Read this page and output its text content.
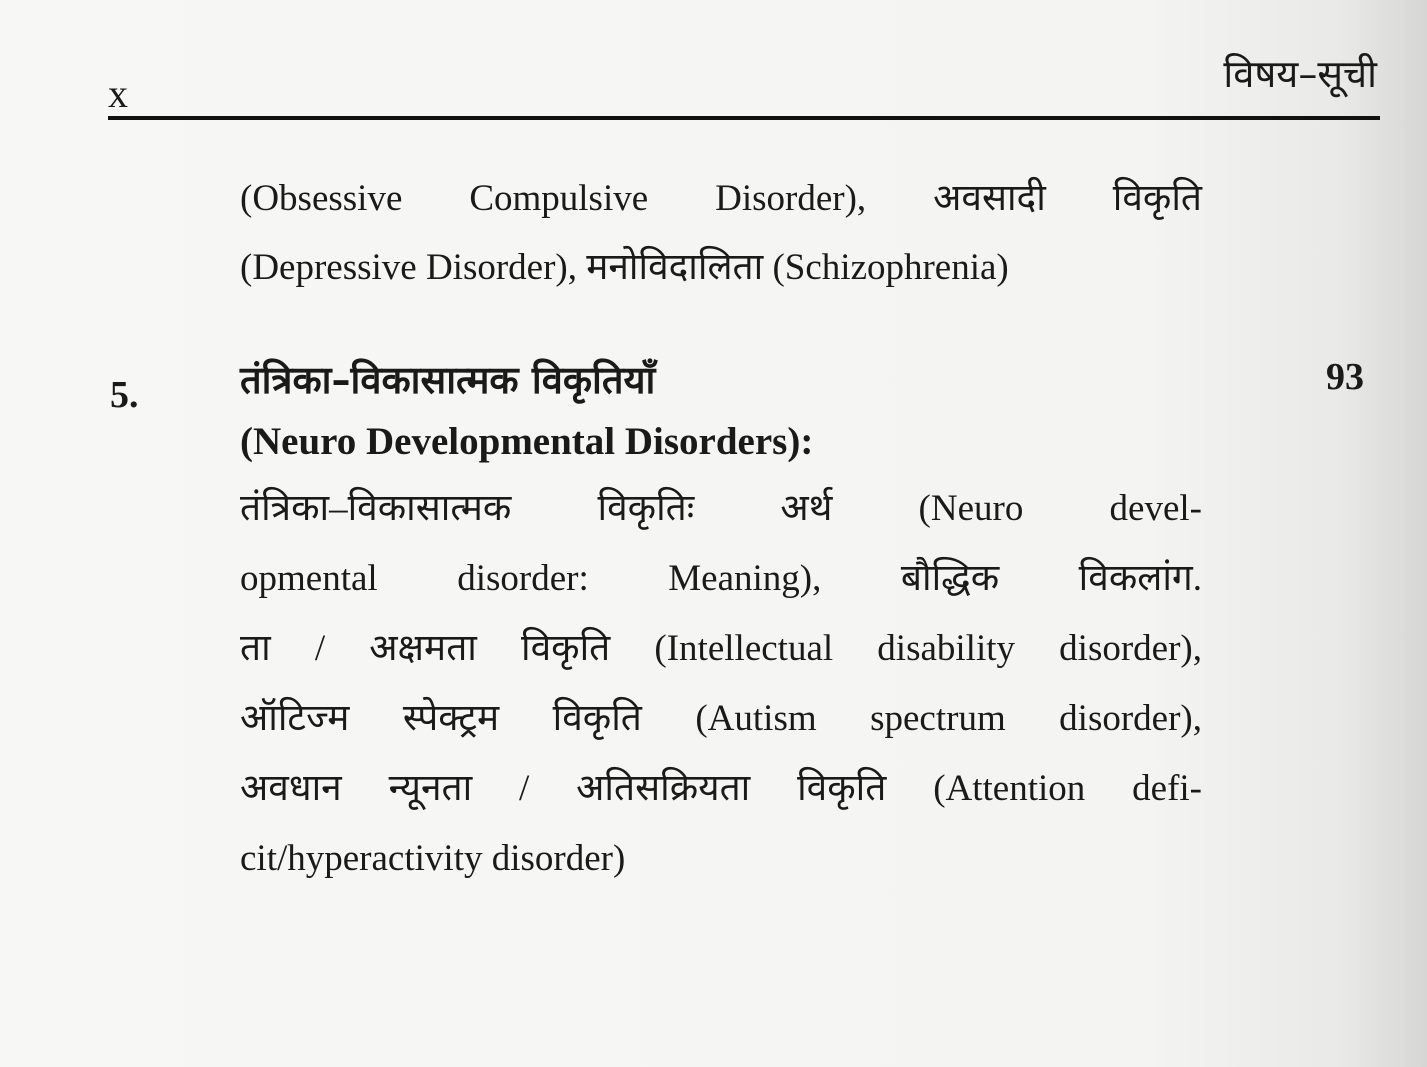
x	विषय–सूची
(Obsessive Compulsive Disorder), अवसादी विकृति
(Depressive Disorder), मनोविदालिता (Schizophrenia)
5.	तंत्रिका–विकासात्मक विकृतियाँ	93
(Neuro Developmental Disorders):
तंत्रिका–विकासात्मक विकृतिः अर्थ (Neuro devel-
opmental disorder: Meaning), बौद्धिक विकलांग.
ता / अक्षमता विकृति (Intellectual disability disorder),
ऑटिज्म स्पेक्ट्रम विकृति (Autism spectrum disorder),
अवधान न्यूनता / अतिसक्रियता विकृति (Attention defi-
cit/hyperactivity disorder)
